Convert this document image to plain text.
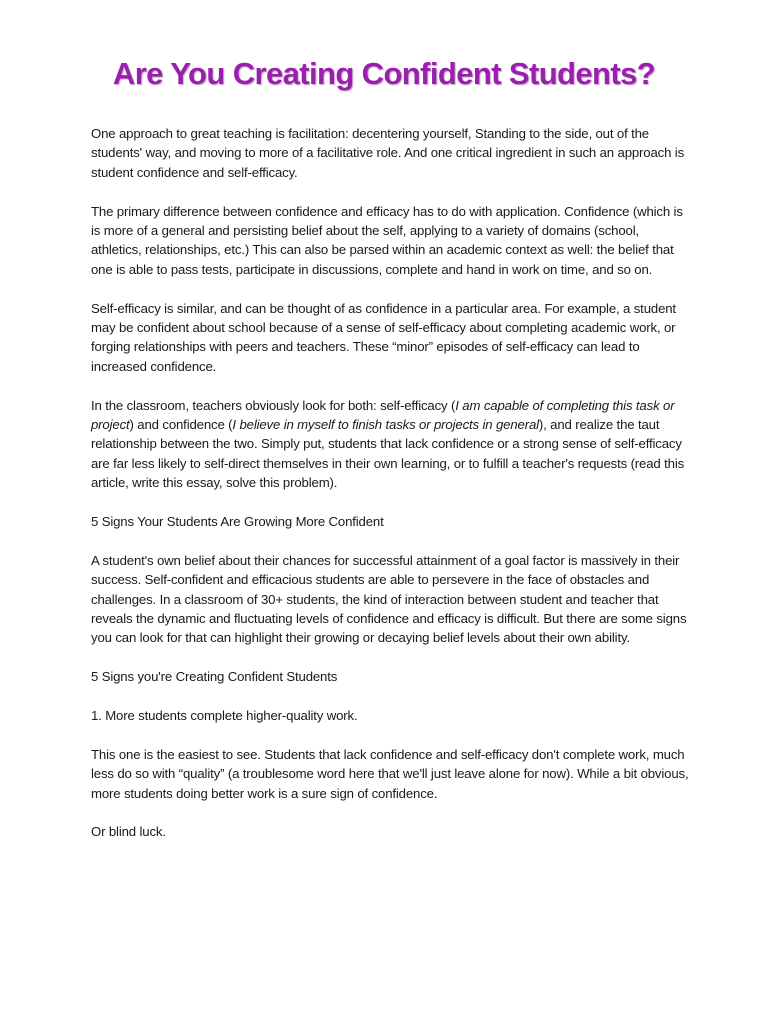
Are You Creating Confident Students?

One approach to great teaching is facilitation: decentering yourself, Standing to the side, out of the students' way, and moving to more of a facilitative role. And one critical ingredient in such an approach is student confidence and self-efficacy.

The primary difference between confidence and efficacy has to do with application. Confidence (which is is more of a general and persisting belief about the self, applying to a variety of domains (school, athletics, relationships, etc.) This can also be parsed within an academic context as well: the belief that one is able to pass tests, participate in discussions, complete and hand in work on time, and so on.

Self-efficacy is similar, and can be thought of as confidence in a particular area. For example, a student may be confident about school because of a sense of self-efficacy about completing academic work, or forging relationships with peers and teachers. These “minor” episodes of self-efficacy can lead to increased confidence.

In the classroom, teachers obviously look for both: self-efficacy (I am capable of completing this task or project) and confidence (I believe in myself to finish tasks or projects in general), and realize the taut relationship between the two. Simply put, students that lack confidence or a strong sense of self-efficacy are far less likely to self-direct themselves in their own learning, or to fulfill a teacher's requests (read this article, write this essay, solve this problem).

5 Signs Your Students Are Growing More Confident

A student's own belief about their chances for successful attainment of a goal factor is massively in their success. Self-confident and efficacious students are able to persevere in the face of obstacles and challenges. In a classroom of 30+ students, the kind of interaction between student and teacher that reveals the dynamic and fluctuating levels of confidence and efficacy is difficult. But there are some signs you can look for that can highlight their growing or decaying belief levels about their own ability.

5 Signs you're Creating Confident Students

1. More students complete higher-quality work.

This one is the easiest to see. Students that lack confidence and self-efficacy don't complete work, much less do so with “quality” (a troublesome word here that we'll just leave alone for now). While a bit obvious, more students doing better work is a sure sign of confidence.

Or blind luck.
